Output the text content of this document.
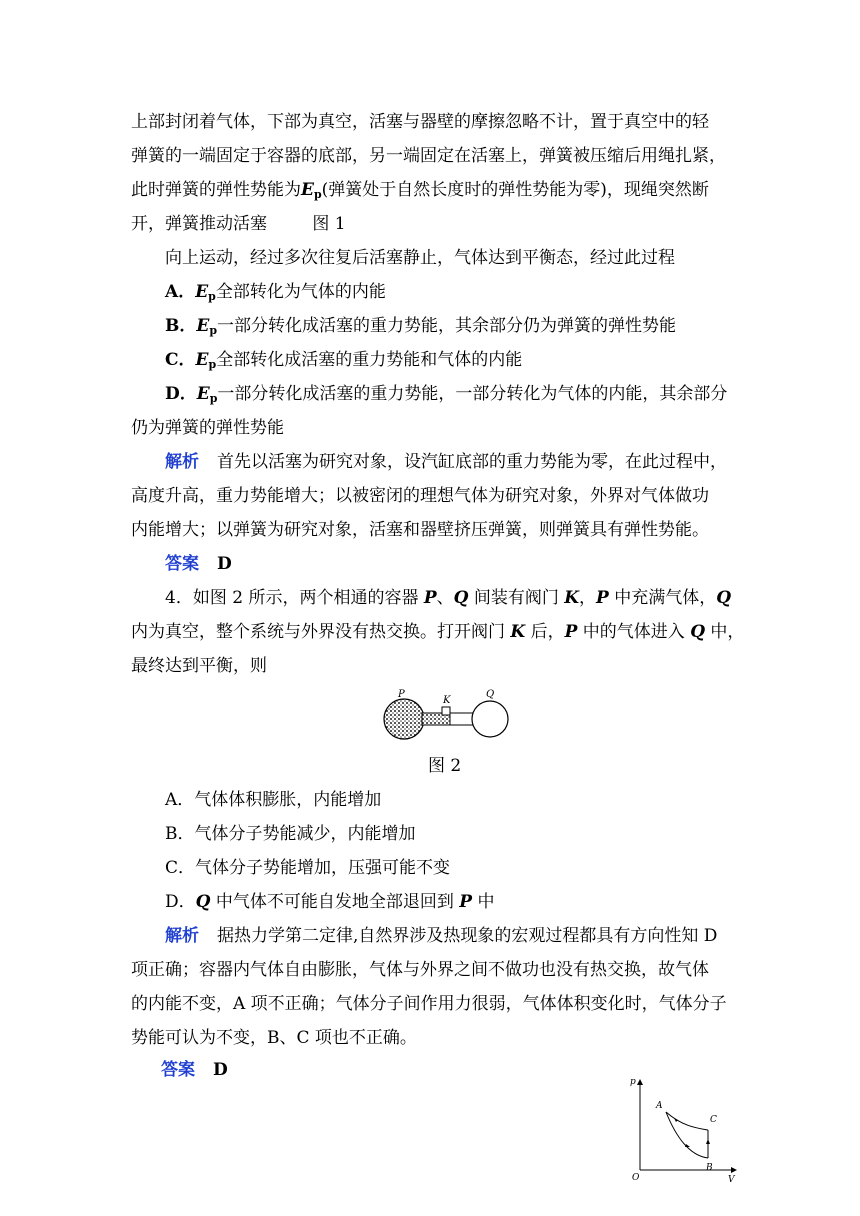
上部封闭着气体，下部为真空，活塞与器壁的摩擦忽略不计，置于真空中的轻
弹簧的一端固定于容器的底部，另一端固定在活塞上，弹簧被压缩后用绳扎紧，
此时弹簧的弹性势能为$E_p$(弹簧处于自然长度时的弹性势能为零)，现绳突然断
开，弹簧推动活塞	图 1
向上运动，经过多次往复后活塞静止，气体达到平衡态，经过此过程
A．$E_p$全部转化为气体的内能
B．$E_p$一部分转化成活塞的重力势能，其余部分仍为弹簧的弹性势能
C．$E_p$全部转化成活塞的重力势能和气体的内能
D．$E_p$一部分转化成活塞的重力势能，一部分转化为气体的内能，其余部分
仍为弹簧的弹性势能
解析 首先以活塞为研究对象，设汽缸底部的重力势能为零，在此过程中，
高度升高，重力势能增大；以被密闭的理想气体为研究对象，外界对气体做功
内能增大；以弹簧为研究对象，活塞和器壁挤压弹簧，则弹簧具有弹性势能。
答案 D
4．如图 2 所示，两个相通的容器 P、Q 间装有阀门 K，P 中充满气体，Q
内为真空，整个系统与外界没有热交换。打开阀门 K 后，P 中的气体进入 Q 中，
最终达到平衡，则
P
K
Q
图 2
A．气体体积膨胀，内能增加
B．气体分子势能减少，内能增加
C．气体分子势能增加，压强可能不变
D．Q 中气体不可能自发地全部退回到 P 中
解析 据热力学第二定律,自然界涉及热现象的宏观过程都具有方向性知 D
项正确；容器内气体自由膨胀，气体与外界之间不做功也没有热交换，故气体
的内能不变，A 项不正确；气体分子间作用力很弱，气体体积变化时，气体分子
势能可认为不变，B、C 项也不正确。
答案 D
p
V
O
A
B
C
